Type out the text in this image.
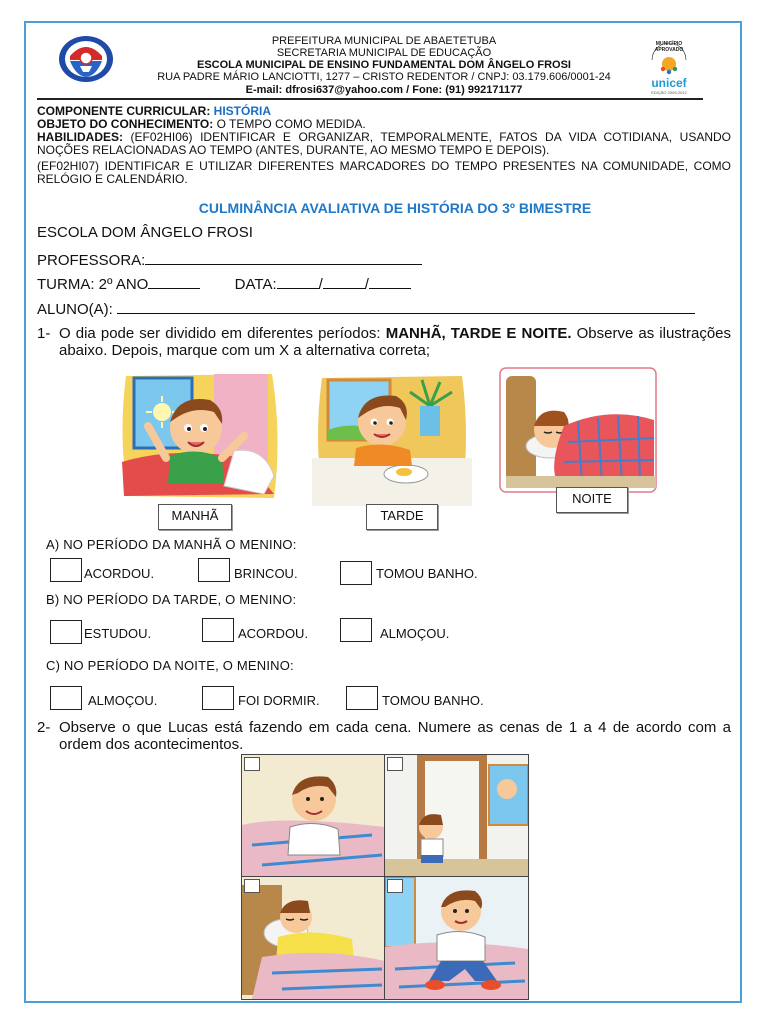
MUNICÍPIO
APROVADO
unicef
EDIÇÃO 2009-2012
PREFEITURA MUNICIPAL DE ABAETETUBA
SECRETARIA MUNICIPAL DE EDUCAÇÃO
ESCOLA MUNICIPAL DE ENSINO FUNDAMENTAL DOM ÂNGELO FROSI
RUA PADRE MÁRIO LANCIOTTI, 1277 – CRISTO REDENTOR / CNPJ: 03.179.606/0001-24
E-mail: dfrosi637@yahoo.com / Fone: (91) 992171177
COMPONENTE CURRICULAR: HISTÓRIA
OBJETO DO CONHECIMENTO: O TEMPO COMO MEDIDA.
HABILIDADES: (EF02HI06) IDENTIFICAR E ORGANIZAR, TEMPORALMENTE, FATOS DA VIDA COTIDIANA, USANDO NOÇÕES RELACIONADAS AO TEMPO (ANTES, DURANTE, AO MESMO TEMPO E DEPOIS).
(EF02HI07) IDENTIFICAR E UTILIZAR DIFERENTES MARCADORES DO TEMPO PRESENTES NA COMUNIDADE, COMO RELÓGIO E CALENDÁRIO.
CULMINÂNCIA AVALIATIVA DE HISTÓRIA DO 3º BIMESTRE
ESCOLA DOM ÂNGELO FROSI
PROFESSORA:
TURMA: 2º ANO	DATA:	/	/
ALUNO(A):
1- O dia pode ser dividido em diferentes períodos: MANHÃ, TARDE E NOITE. Observe as ilustrações abaixo. Depois, marque com um X a alternativa correta;
MANHÃ	TARDE
NOITE
A) NO PERÍODO DA MANHÃ O MENINO:
ACORDOU.	BRINCOU.	TOMOU BANHO.
B) NO PERÍODO DA TARDE, O MENINO:
ESTUDOU.	ACORDOU.	ALMOÇOU.
C) NO PERÍODO DA NOITE, O MENINO:
ALMOÇOU.	FOI DORMIR.	TOMOU BANHO.
2- Observe o que Lucas está fazendo em cada cena. Numere as cenas de 1 a 4 de acordo com a ordem dos acontecimentos.
